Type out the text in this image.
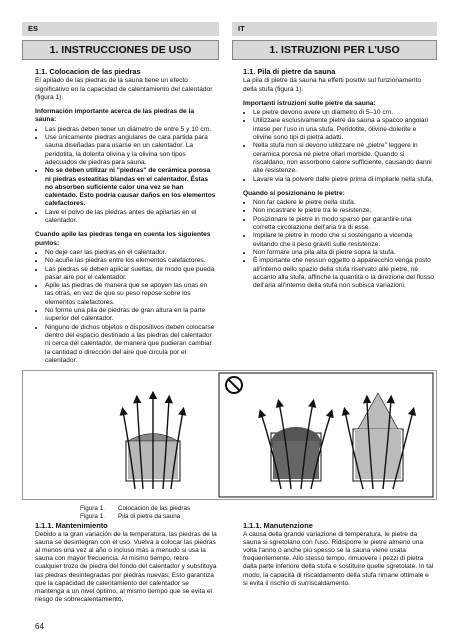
ES	IT
1. INSTRUCCIONES DE USO	1. ISTRUZIONI PER L'USO
1.1. Colocacion de las piedras

El apilado de las piedras de la sauna tiene un efecto significativo en la capacidad de calentamiento del calentador (figura 1).

Información importante acerca de las piedras de la sauna:
• Las piedras deben tener un diámetro de entre 5 y 10 cm.
• Use únicamente piedras angulares de cara partida para sauna diseñadas para usarse en un calentador. La peridotita, la dolerita olivina y la olivina son tipos adecuados de piedras para sauna.
• No se deben utilizar ni "piedras" de cerámica porosa ni piedras esteatitas blandas en el calentador. Éstas no absorben suficiente calor una vez se han calentado. Esto podría causar daños en los elementos calefactores.
• Lave el polvo de las piedras antes de apilarlas en el calentador.
Cuando apile las piedras tenga en cuenta los siguientes puntos:
• No deje caer las piedras en el calentador.
• No acuñe las piedras entre los elementos calefactores.
• Las piedras se deben aplicar sueltas, de modo que pueda pasar aire por el calentador.
• Apile las piedras de manera que se apoyen las unas en las otras, en vez de que su peso repose sobre los elementos calefactores.
• No forme una pila de piedras de gran altura en la parte superior del calentador.
• Ninguno de dichos objetos o dispositivos deben colocarse dentro del espacio destinado a las piedras del calentador ni cerca del calentador, de manera que pudieran cambiar la cantidad o dirección del aire que circula por el calentador.
1.1. Pila di pietre da sauna

La pila di pietre da sauna ha effetti positivi sul funzionamento della stufa (figura 1).

Importanti istruzioni sulle pietre da sauna:
• Le pietre devono avere un diametro di 5–10 cm.
• Utilizzare esclusivamente pietre da sauna a spacco angolari intese per l'uso in una stufa. Peridotite, olivine-dolerite e olivine sono tipi di pietra adatti.
• Nella stufa non si devono utilizzare né „pietre" leggere in ceramica porosa né pietre ollari morbide. Quando si riscaldano, non assorbono calore sufficiente, causando danni alle resistenze.
• Lavare via la polvere dalle pietre prima di impilarle nella stufa.
Quando si posizionano le pietre:
• Non far cadere le pietre nella stufa.
• Non incastrare le pietre tra le resistenze.
• Posizionare le pietre in modo sparso per garantire una corretta circolazione dell'aria tra di esse.
• Impilare le pietre in modo che si sostengano a vicenda evitando che il peso gravitì sulle resistenze.
• Non formare una pila alta di pietre sopra la stufa.
• È importante che nessun oggetto o apparecchio venga posto all'interno dello spazio della stufa riservato alle pietre, né accanto alla stufa, affinché la quantità o la direzione del flusso dell'aria all'interno della stufa non subisca variazioni.
Figura 1. Colocacion de las piedras
Figura 1. Pila di pietre da sauna
1.1.1. Mantenimiento

Debido a la gran variación de la temperatura, las piedras de la sauna se desintegran con el uso. Vuelva a colocar las piedras al menos una vez al año o incluso más a menudo si usa la sauna con mayor frecuencia. Al mismo tiempo, retire cualquier trozo de piedra del fondo del calentador y substituya las piedras desintegradas por piedras nuevas. Esto garantiza que la capacidad de calentamiento del calentador se mantenga a un nivel óptimo, al mismo tiempo que se evita el riesgo de sobrecalentamiento.

1.1.1. Manutenzione

A causa della grande variazione di temperatura, le pietre da sauna si sgretolano con l'uso. Ridisporre le pietre almeno una volta l'anno o anche più spesso se la sauna viene usata frequentemente. Allo stesso tempo, rimuovere i pezzi di pietra dalla parte inferiore della stufa e sostituire quelle sgretolate. In tal modo, la capacità di riscaldamento della stufa rimane ottimale e si evita il rischio di surriscaldamento.

64
